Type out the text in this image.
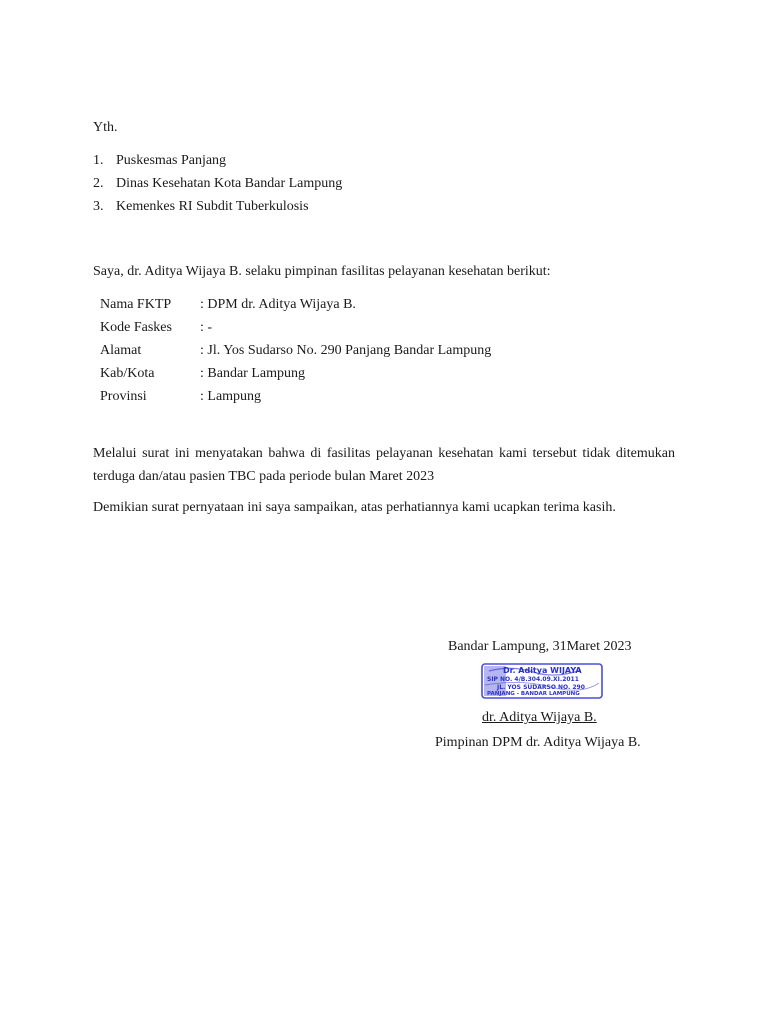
Yth.
1. Puskesmas Panjang
2. Dinas Kesehatan Kota Bandar Lampung
3. Kemenkes RI Subdit Tuberkulosis
Saya, dr. Aditya Wijaya B. selaku pimpinan fasilitas pelayanan kesehatan berikut:
Nama FKTP : DPM dr. Aditya Wijaya B.
Kode Faskes : -
Alamat	: Jl. Yos Sudarso No. 290 Panjang Bandar Lampung
Kab/Kota	: Bandar Lampung
Provinsi	: Lampung
Melalui surat ini menyatakan bahwa di fasilitas pelayanan kesehatan kami tersebut tidak ditemukan terduga dan/atau pasien TBC pada periode bulan Maret 2023
Demikian surat pernyataan ini saya sampaikan, atas perhatiannya kami ucapkan terima kasih.
Bandar Lampung, 31Maret 2023
Dr. Aditya WIJAYA
SIP NO. 4/B.304.09.XI.2011
JL. YOS SUDARSO NO. 290
PANJANG - BANDAR LAMPUNG
dr. Aditya Wijaya B.
Pimpinan DPM dr. Aditya Wijaya B.
